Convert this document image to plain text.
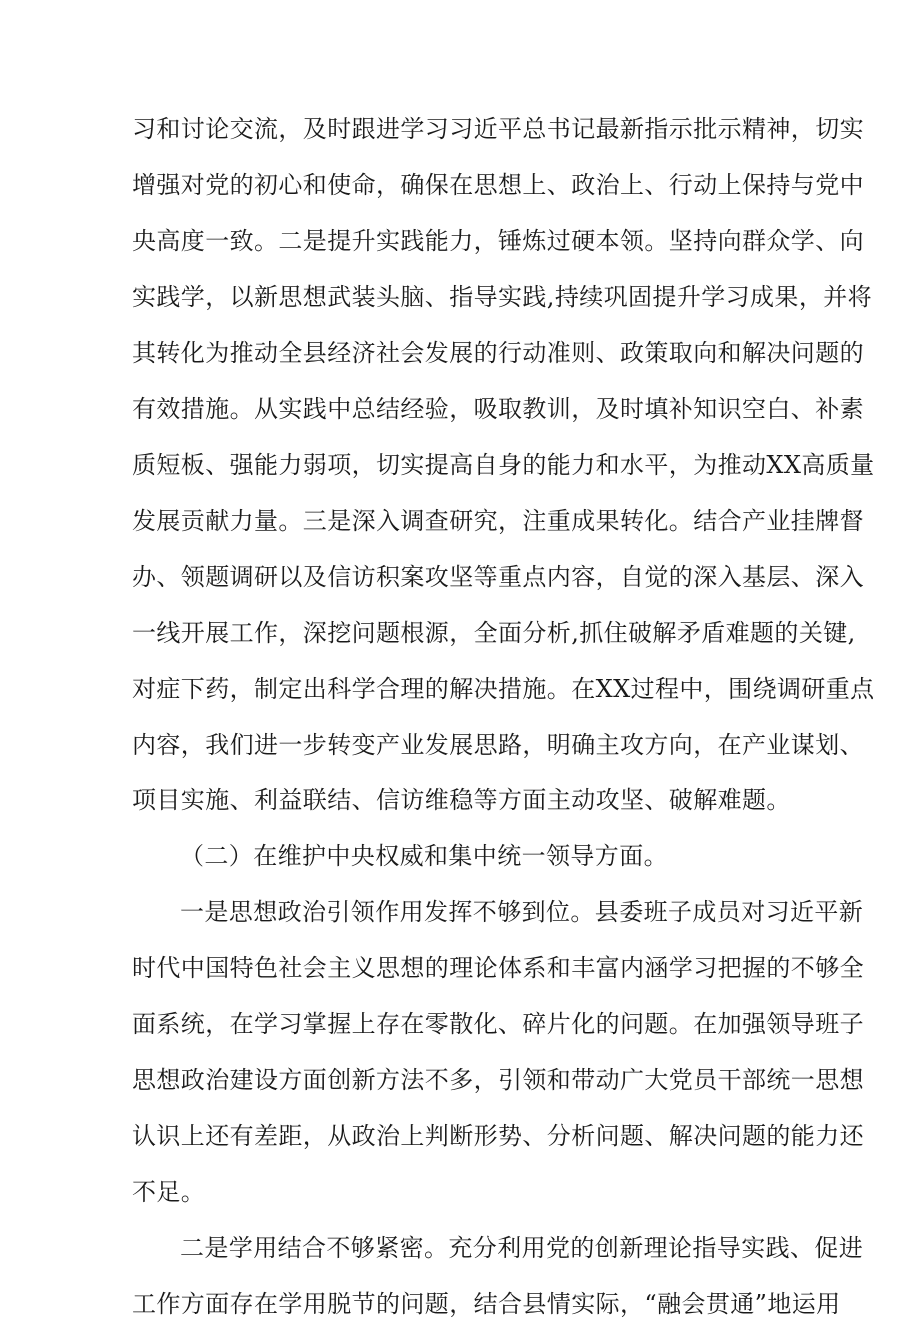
习和讨论交流，及时跟进学习习近平总书记最新指示批示精神，切实
增强对党的初心和使命，确保在思想上、政治上、行动上保持与党中
央高度一致。二是提升实践能力，锤炼过硬本领。坚持向群众学、向
实践学，以新思想武装头脑、指导实践,持续巩固提升学习成果，并将
其转化为推动全县经济社会发展的行动准则、政策取向和解决问题的
有效措施。从实践中总结经验，吸取教训，及时填补知识空白、补素
质短板、强能力弱项，切实提高自身的能力和水平，为推动XX高质量
发展贡献力量。三是深入调查研究，注重成果转化。结合产业挂牌督
办、领题调研以及信访积案攻坚等重点内容，自觉的深入基层、深入
一线开展工作，深挖问题根源，全面分析,抓住破解矛盾难题的关键,
对症下药，制定出科学合理的解决措施。在XX过程中，围绕调研重点
内容，我们进一步转变产业发展思路，明确主攻方向，在产业谋划、
项目实施、利益联结、信访维稳等方面主动攻坚、破解难题。
（二）在维护中央权威和集中统一领导方面。
一是思想政治引领作用发挥不够到位。县委班子成员对习近平新
时代中国特色社会主义思想的理论体系和丰富内涵学习把握的不够全
面系统，在学习掌握上存在零散化、碎片化的问题。在加强领导班子
思想政治建设方面创新方法不多，引领和带动广大党员干部统一思想
认识上还有差距，从政治上判断形势、分析问题、解决问题的能力还
不足。
二是学用结合不够紧密。充分利用党的创新理论指导实践、促进
工作方面存在学用脱节的问题，结合县情实际，“融会贯通”地运用
